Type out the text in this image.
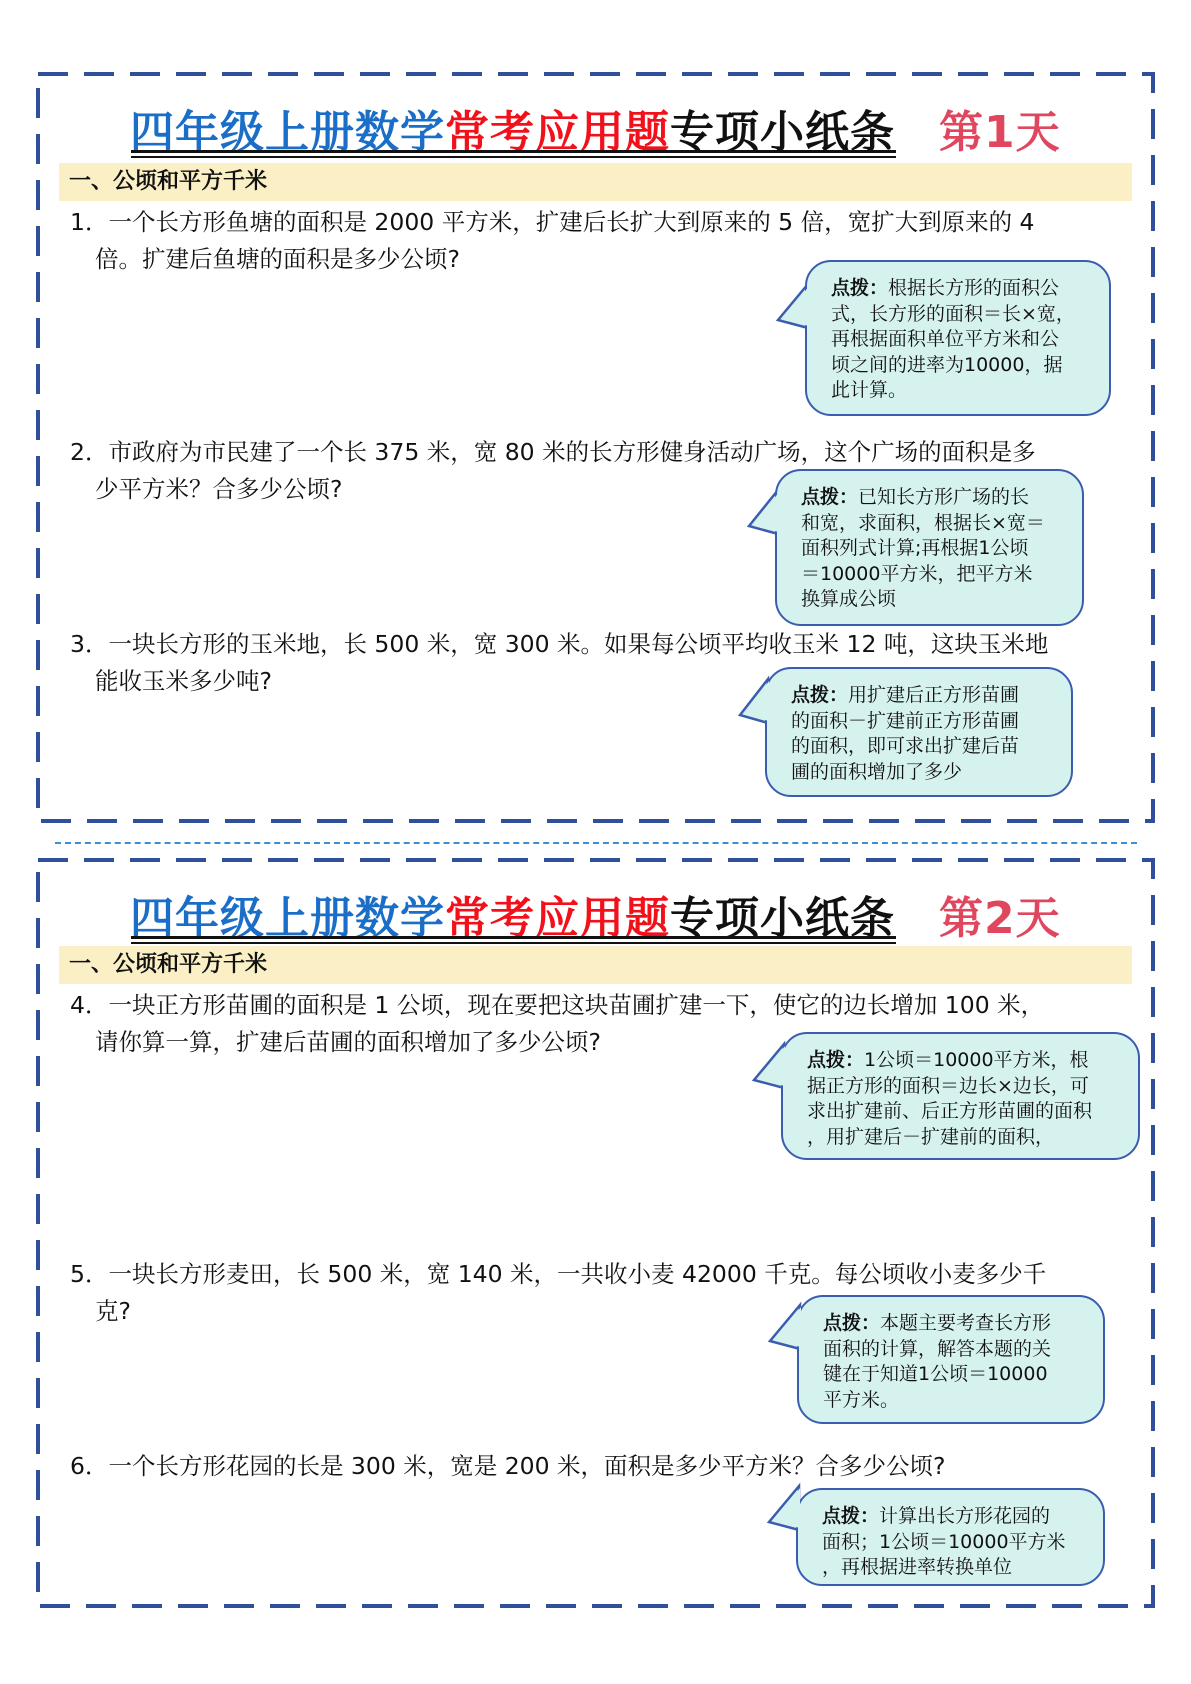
四年级上册数学常考应用题专项小纸条 第1天
一、公顷和平方千米
1．一个长方形鱼塘的面积是 2000 平方米，扩建后长扩大到原来的 5 倍，宽扩大到原来的 4
倍。扩建后鱼塘的面积是多少公顷?
点拨：根据长方形的面积公
式，长方形的面积＝长×宽，
再根据面积单位平方米和公
顷之间的进率为10000，据
此计算。
2．市政府为市民建了一个长 375 米，宽 80 米的长方形健身活动广场，这个广场的面积是多
少平方米？合多少公顷?	点拨：已知长方形广场的长
和宽，求面积，根据长×宽＝
面积列式计算;再根据1公顷
＝10000平方米，把平方米
换算成公顷
3．一块长方形的玉米地，长 500 米，宽 300 米。如果每公顷平均收玉米 12 吨，这块玉米地
能收玉米多少吨?	点拨：用扩建后正方形苗圃
的面积－扩建前正方形苗圃
的面积，即可求出扩建后苗
圃的面积增加了多少
四年级上册数学常考应用题专项小纸条 第2天
一、公顷和平方千米
4．一块正方形苗圃的面积是 1 公顷，现在要把这块苗圃扩建一下，使它的边长增加 100 米，
请你算一算，扩建后苗圃的面积增加了多少公顷?
点拨：1公顷＝10000平方米，根
据正方形的面积＝边长×边长，可
求出扩建前、后正方形苗圃的面积
，用扩建后－扩建前的面积，
5．一块长方形麦田，长 500 米，宽 140 米，一共收小麦 42000 千克。每公顷收小麦多少千
克?	点拨：本题主要考查长方形
面积的计算，解答本题的关
键在于知道1公顷＝10000
平方米。
6．一个长方形花园的长是 300 米，宽是 200 米，面积是多少平方米？合多少公顷?
点拨：计算出长方形花园的
面积；1公顷＝10000平方米
，再根据进率转换单位
